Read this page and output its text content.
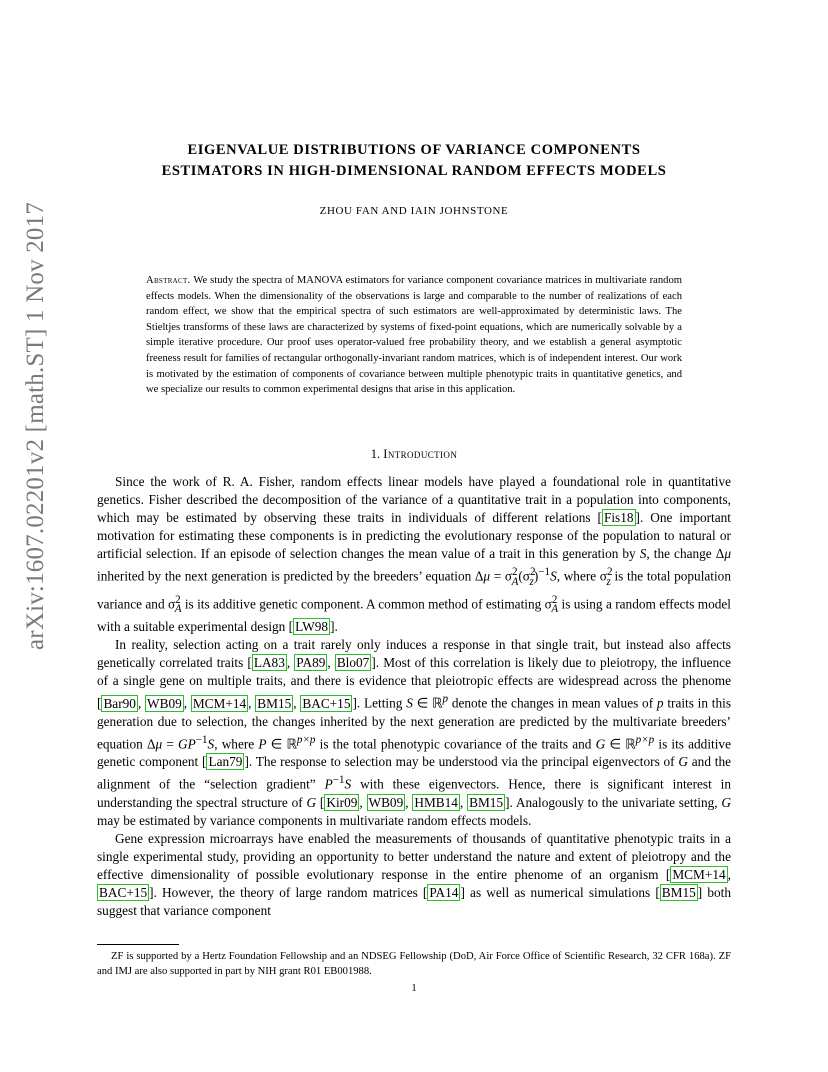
arXiv:1607.02201v2 [math.ST] 1 Nov 2017
EIGENVALUE DISTRIBUTIONS OF VARIANCE COMPONENTS
ESTIMATORS IN HIGH-DIMENSIONAL RANDOM EFFECTS MODELS
ZHOU FAN AND IAIN JOHNSTONE
Abstract. We study the spectra of MANOVA estimators for variance component covariance matrices in multivariate random effects models. When the dimensionality of the observations is large and comparable to the number of realizations of each random effect, we show that the empirical spectra of such estimators are well-approximated by deterministic laws. The Stieltjes transforms of these laws are characterized by systems of fixed-point equations, which are numerically solvable by a simple iterative procedure. Our proof uses operator-valued free probability theory, and we establish a general asymptotic freeness result for families of rectangular orthogonally-invariant random matrices, which is of independent interest. Our work is motivated by the estimation of components of covariance between multiple phenotypic traits in quantitative genetics, and we specialize our results to common experimental designs that arise in this application.
1. Introduction

Since the work of R. A. Fisher, random effects linear models have played a foundational role in quantitative genetics. Fisher described the decomposition of the variance of a quantitative trait in a population into components, which may be estimated by observing these traits in individuals of different relations [ Fis18 ]. One important motivation for estimating these components is in predicting the evolutionary response of the population to natural or artificial selection. If an episode of selection changes the mean value of a trait in this generation by S, the change Δμ inherited by the next generation is predicted by the breeders’ equation $\Delta\mu = \sigma^2_A(\sigma^2_z)^{-1}S$, where $\sigma^2_z$ is the total population variance and $\sigma^2_A$ is its additive genetic component. A common method of estimating $\sigma^2_A$ is using a random effects model with a suitable experimental design [ LW98 ].

In reality, selection acting on a trait rarely only induces a response in that single trait, but instead also affects genetically correlated traits [ LA83 , PA89 , Blo07 ]. Most of this correlation is likely due to pleiotropy, the influence of a single gene on multiple traits, and there is evidence that pleiotropic effects are widespread across the phenome [ Bar90 , WB09 , MCM+14 , BM15 , BAC+15 ]. Letting S ∈ ℝ$^p$ denote the changes in mean values of p traits in this generation due to selection, the changes inherited by the next generation are predicted by the multivariate breeders’ equation $\Delta\mu = GP^{-1}S$, where P ∈ ℝ$^{p\times p}$ is the total phenotypic covariance of the traits and G ∈ ℝ$^{p\times p}$ is its additive genetic component [ Lan79 ]. The response to selection may be understood via the principal eigenvectors of G and the alignment of the “selection gradient” $P^{-1}S$ with these eigenvectors. Hence, there is significant interest in understanding the spectral structure of G [ Kir09 , WB09 , HMB14 , BM15 ]. Analogously to the univariate setting, G may be estimated by variance components in multivariate random effects models.

Gene expression microarrays have enabled the measurements of thousands of quantitative phenotypic traits in a single experimental study, providing an opportunity to better understand the nature and extent of pleiotropy and the effective dimensionality of possible evolutionary response in the entire phenome of an organism [ MCM+14 , BAC+15 ]. However, the theory of large random matrices [ PA14 ] as well as numerical simulations [ BM15 ] both suggest that variance component

ZF is supported by a Hertz Foundation Fellowship and an NDSEG Fellowship (DoD, Air Force Office of Scientific Research, 32 CFR 168a). ZF and IMJ are also supported in part by NIH grant R01 EB001988.
1
